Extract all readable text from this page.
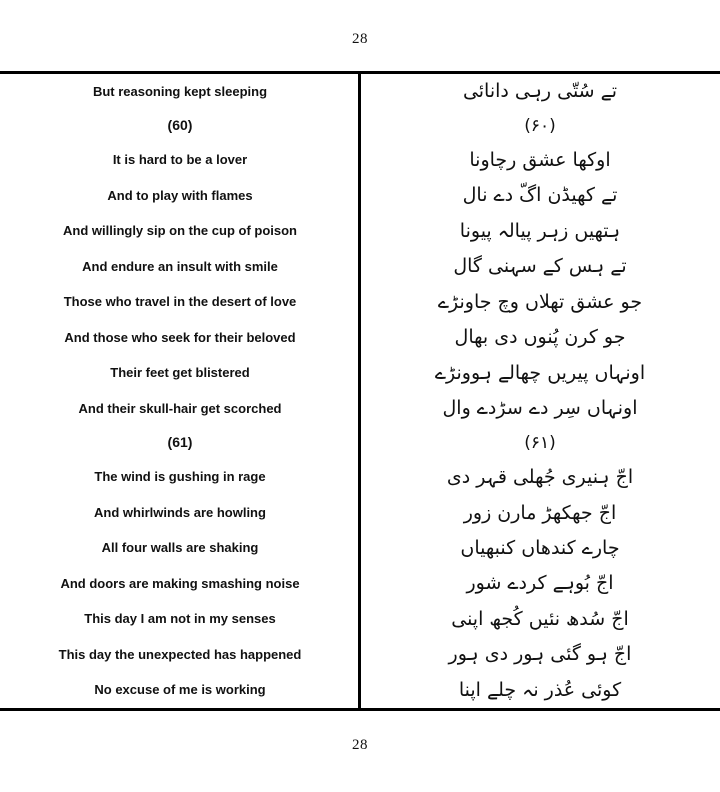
28
But reasoning kept sleeping	تے سُتّی رہی دانائی
(60)	(۶۰)
It is hard to be a lover	اوکھا عشق رچاونا
And to play with flames	تے کھیڈن اگّ دے نال
And willingly sip on the cup of poison	ہتھیں زہر پیالہ پیونا
And endure an insult with smile	تے ہس کے سہنی گال
Those who travel in the desert of love	جو عشق تھلاں وچ جاونڑے
And those who seek for their beloved	جو کرن پُنوں دی بھال
Their feet get blistered	اونہاں پیریں چھالے ہوونڑے
And their skull-hair get scorched	اونہاں سِر دے سڑدے وال
(61)	(۶۱)
The wind is gushing in rage	اجّ ہنیری جُھلی قہر دی
And whirlwinds are howling	اجّ جھکھڑ مارن زور
All four walls are shaking	چارے کندھاں کنبھیاں
And doors are making smashing noise	اجّ بُوہے کردے شور
This day I am not in my senses	اجّ سُدھ نئیں کُجھ اپنی
This day the unexpected has happened	اجّ ہو گئی ہور دی ہور
No excuse of me is working	کوئی عُذر نہ چلے اپنا
28
